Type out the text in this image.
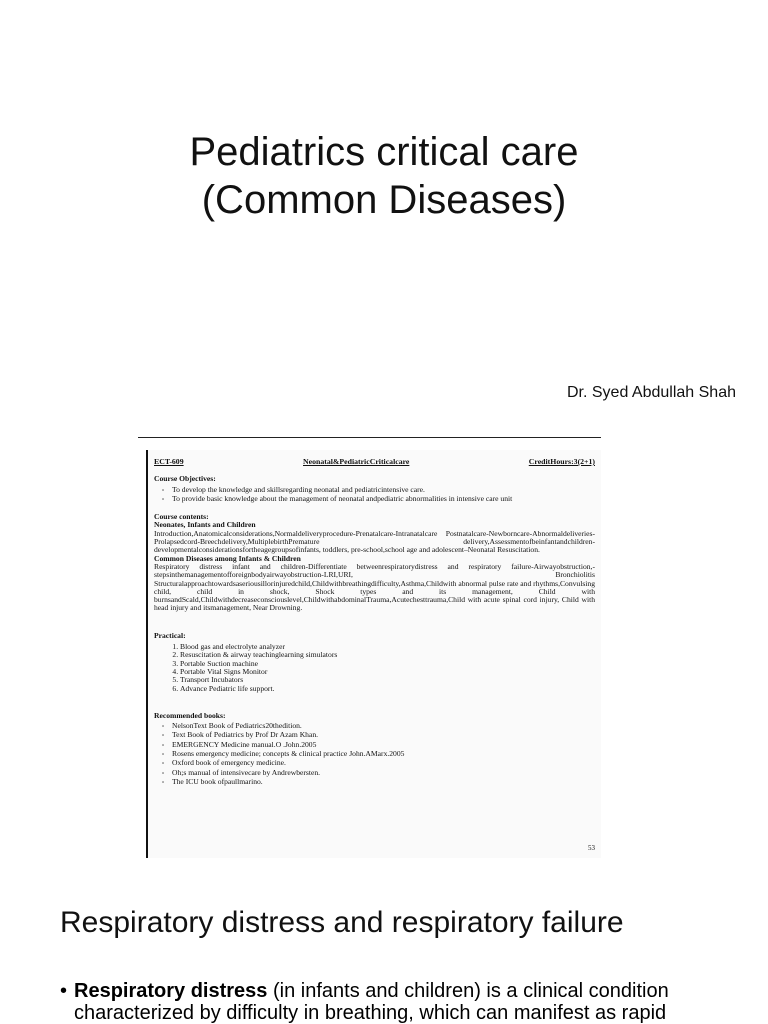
Pediatrics critical care
(Common Diseases)
Dr. Syed Abdullah Shah
ECT-609	Neonatal&PediatricCriticalcare	CreditHours:3(2+1)
Course Objectives:
▫ To develop the knowledge and skillsregarding neonatal and pediatricintensive care.
▫ To provide basic knowledge about the management of neonatal andpediatric abnormalities in intensive care unit
Course contents:
Neonates, Infants and Children

Introduction,Anatomicalconsiderations,Normaldeliveryprocedure-Prenatalcare-Intranatalcare Postnatalcare-Newborncare-Abnormaldeliveries-Prolapsedcord-Breechdelivery,MultiplebirthPremature delivery,Assessmentofbeinfantandchildren-developmentalconsiderationsfortheagegroupsofinfants, toddlers, pre-school,school age and adolescent–Neonatal Resuscitation.

Common Diseases among Infants & Children

Respiratory distress infant and children-Differentiate betweenrespiratorydistress and respiratory failure-Airwayobstruction,-stepsinthemanagementofforeignbodyairwayobstruction-LRI,URI, Bronchiolitis Structuralapproachtowardsaseriousillorinjuredchild,Childwithbreathingdifficulty,Asthma,Childwith abnormal pulse rate and rhythms,Convulsing child, child in shock, Shock types and its management, Child with burnsandScald,Childwithdecreaseconsciouslevel,ChildwithabdominalTrauma,Acutechesttrauma,Child with acute spinal cord injury, Child with head injury and itsmanagement, Near Drowning.

Practical:
1. Blood gas and electrolyte analyzer
2. Resuscitation & airway teachinglearning simulators
3. Portable Suction machine
4. Portable Vital Signs Monitor
5. Transport Incubators
6. Advance Pediatric life support.
Recommended books:
▫ NelsonText Book of Pediatrics20thedition.
▫ Text Book of Pediatrics by Prof Dr Azam Khan.
▫ EMERGENCY Medicine manual.O .John.2005
▫ Rosens emergency medicine; concepts & clinical practice John.AMarx.2005
▫ Oxford book of emergency medicine.
▫ Oh;s manual of intensivecare by Andrewbersten.
▫ The ICU book ofpaullmarino.
53
Respiratory distress and respiratory failure
• Respiratory distress (in infants and children) is a clinical condition characterized by difficulty in breathing, which can manifest as rapid
